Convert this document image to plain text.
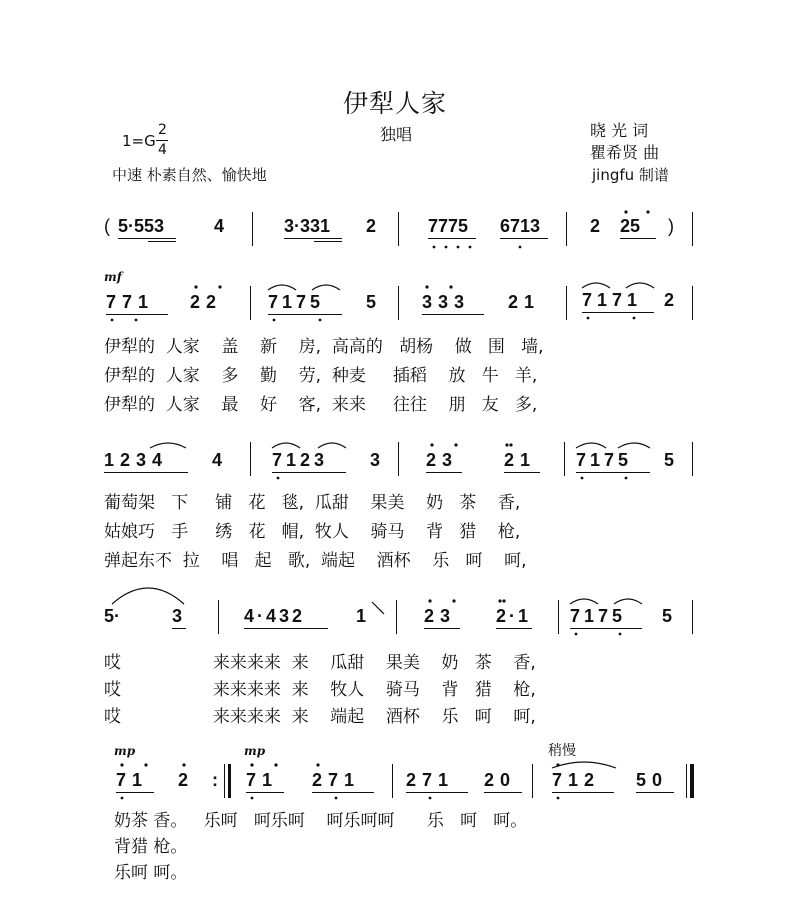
伊犁人家
1=G
2
4
独唱	晓 光 词
瞿希贤 曲
中速 朴素自然、愉快地	jingfu 制谱
( 5·553	4	3·331 2	7775 6713	2 25 )
mf
771 22	7175 5	333 21 7171 2
伊犁的  人家    盖    新    房,  高高的   胡杨    做   围   墙,
伊犁的  人家    多    勤    劳,  种麦     插稻    放   牛   羊,
伊犁的  人家    最    好    客,  来来     往往    朋   友   多,
1234 4	7123 3	23	21 7175 5
葡萄架   下     铺   花   毯,  瓜甜    果美    奶   茶    香,
姑娘巧   手     绣   花   帽,  牧人    骑马    背   猎    枪,
弹起东不  拉    唱   起   歌,  端起    酒杯    乐   呵    呵,
5·	3	4·432	1	23 2·1 7175 5
哎                 来来来来  来    瓜甜    果美    奶   茶    香,
哎                 来来来来  来    牧人    骑马    背   猎    枪,
哎                 来来来来  来    端起    酒杯    乐   呵    呵,
mp	mp	稍慢
71 2 : 71 271	271 20 712 50
奶茶 香。   乐呵   呵乐呵    呵乐呵呵      乐   呵   呵。
背猎 枪。
乐呵 呵。
